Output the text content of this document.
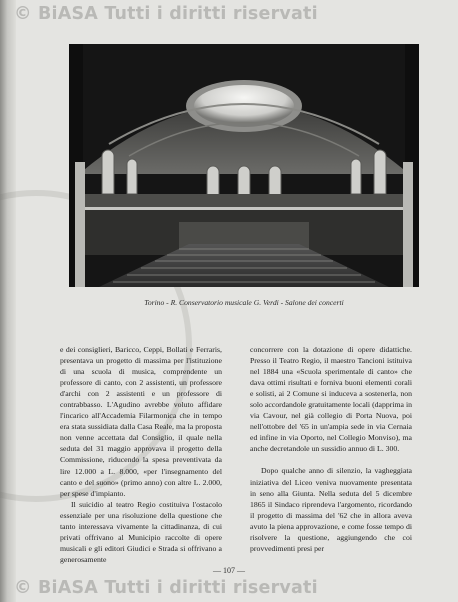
© BiASA Tutti i diritti riservati
Torino - R. Conservatorio musicale G. Verdi - Salone dei concerti

e dei consiglieri, Baricco, Ceppi, Bollati e Ferraris, presentava un progetto di massima per l'istituzione di una scuola di musica, comprendente un professore di canto, con 2 assistenti, un professore d'archi con 2 assistenti e un professore di contrabbasso. L'Agudino avrebbe voluto affidare l'incarico all'Accademia Filarmonica che in tempo era stata sussidiata dalla Casa Reale, ma la proposta non venne accettata dal Consiglio, il quale nella seduta del 31 maggio approvava il progetto della Commissione, riducendo la spesa preventivata da lire 12.000 a L. 8.000, «per l'insegnamento del canto e del suono» (primo anno) con altre L. 2.000, per spese d'impianto.

Il suicidio al teatro Regio costituiva l'ostacolo essenziale per una risoluzione della questione che tanto interessava vivamente la cittadinanza, di cui privati offrivano al Municipio raccolte di opere musicali e gli editori Giudici e Strada si offrivano a generosamente

concorrere con la dotazione di opere didattiche. Presso il Teatro Regio, il maestro Tancioni istituiva nel 1884 una «Scuola sperimentale di canto» che dava ottimi risultati e forniva buoni elementi corali e solisti, ai 2 Comune si induceva a sostenerla, non solo accordandole gratuitamente locali (dapprima in via Cavour, nel già collegio di Porta Nuova, poi nell'ottobre del '65 in un'ampia sede in via Cernaia ed infine in via Oporto, nel Collegio Monviso), ma anche decretandole un sussidio annuo di L. 300.

Dopo qualche anno di silenzio, la vagheggiata iniziativa del Liceo veniva nuovamente presentata in seno alla Giunta. Nella seduta del 5 dicembre 1865 il Sindaco riprendeva l'argomento, ricordando il progetto di massima del '62 che in allora aveva avuto la piena approvazione, e come fosse tempo di risolvere la questione, aggiungendo che coi provvedimenti presi per

— 107 —
© BiASA Tutti i diritti riservati
